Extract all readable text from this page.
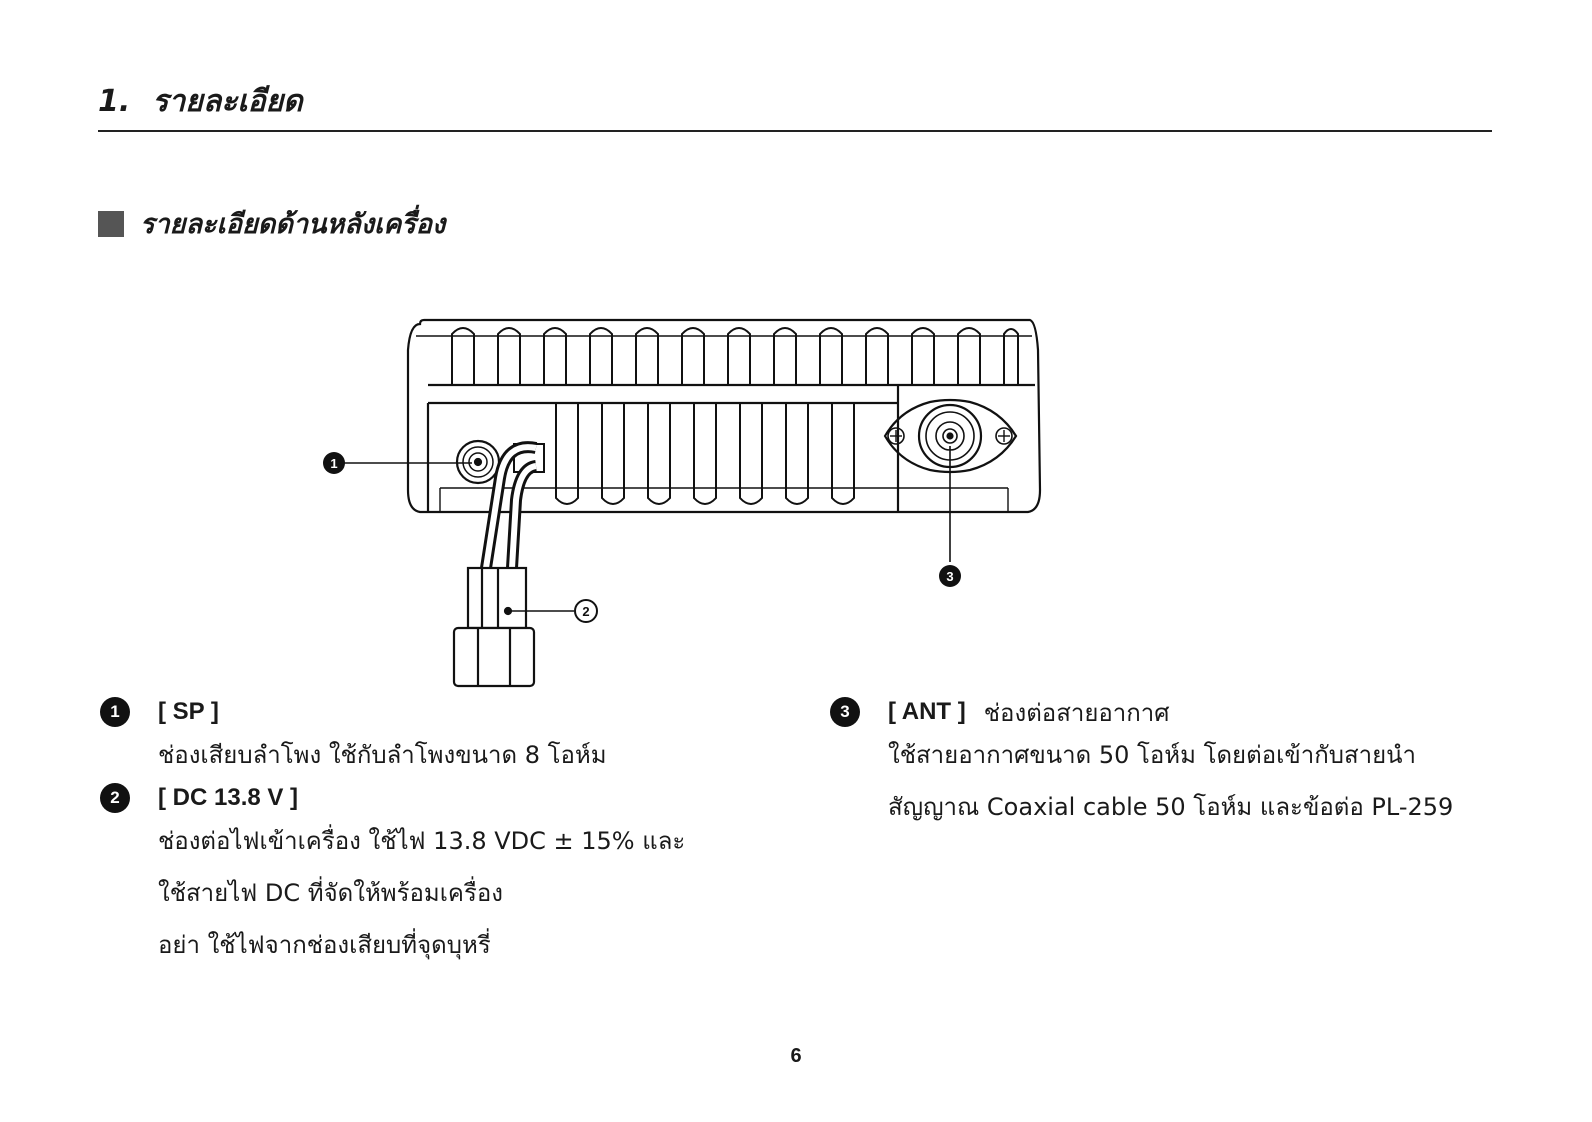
1. รายละเอียด
รายละเอียดด้านหลังเครื่อง
1
2
3
1	[ SP ]
ช่องเสียบลำโพง ใช้กับลำโพงขนาด 8 โอห์ม
2	[ DC 13.8 V ]
ช่องต่อไฟเข้าเครื่อง ใช้ไฟ 13.8 VDC ± 15% และ
ใช้สายไฟ DC ที่จัดให้พร้อมเครื่อง
อย่า ใช้ไฟจากช่องเสียบที่จุดบุหรี่
3	[ ANT ] ช่องต่อสายอากาศ
ใช้สายอากาศขนาด 50 โอห์ม โดยต่อเข้ากับสายนำ
สัญญาณ Coaxial cable 50 โอห์ม และข้อต่อ PL-259
6
